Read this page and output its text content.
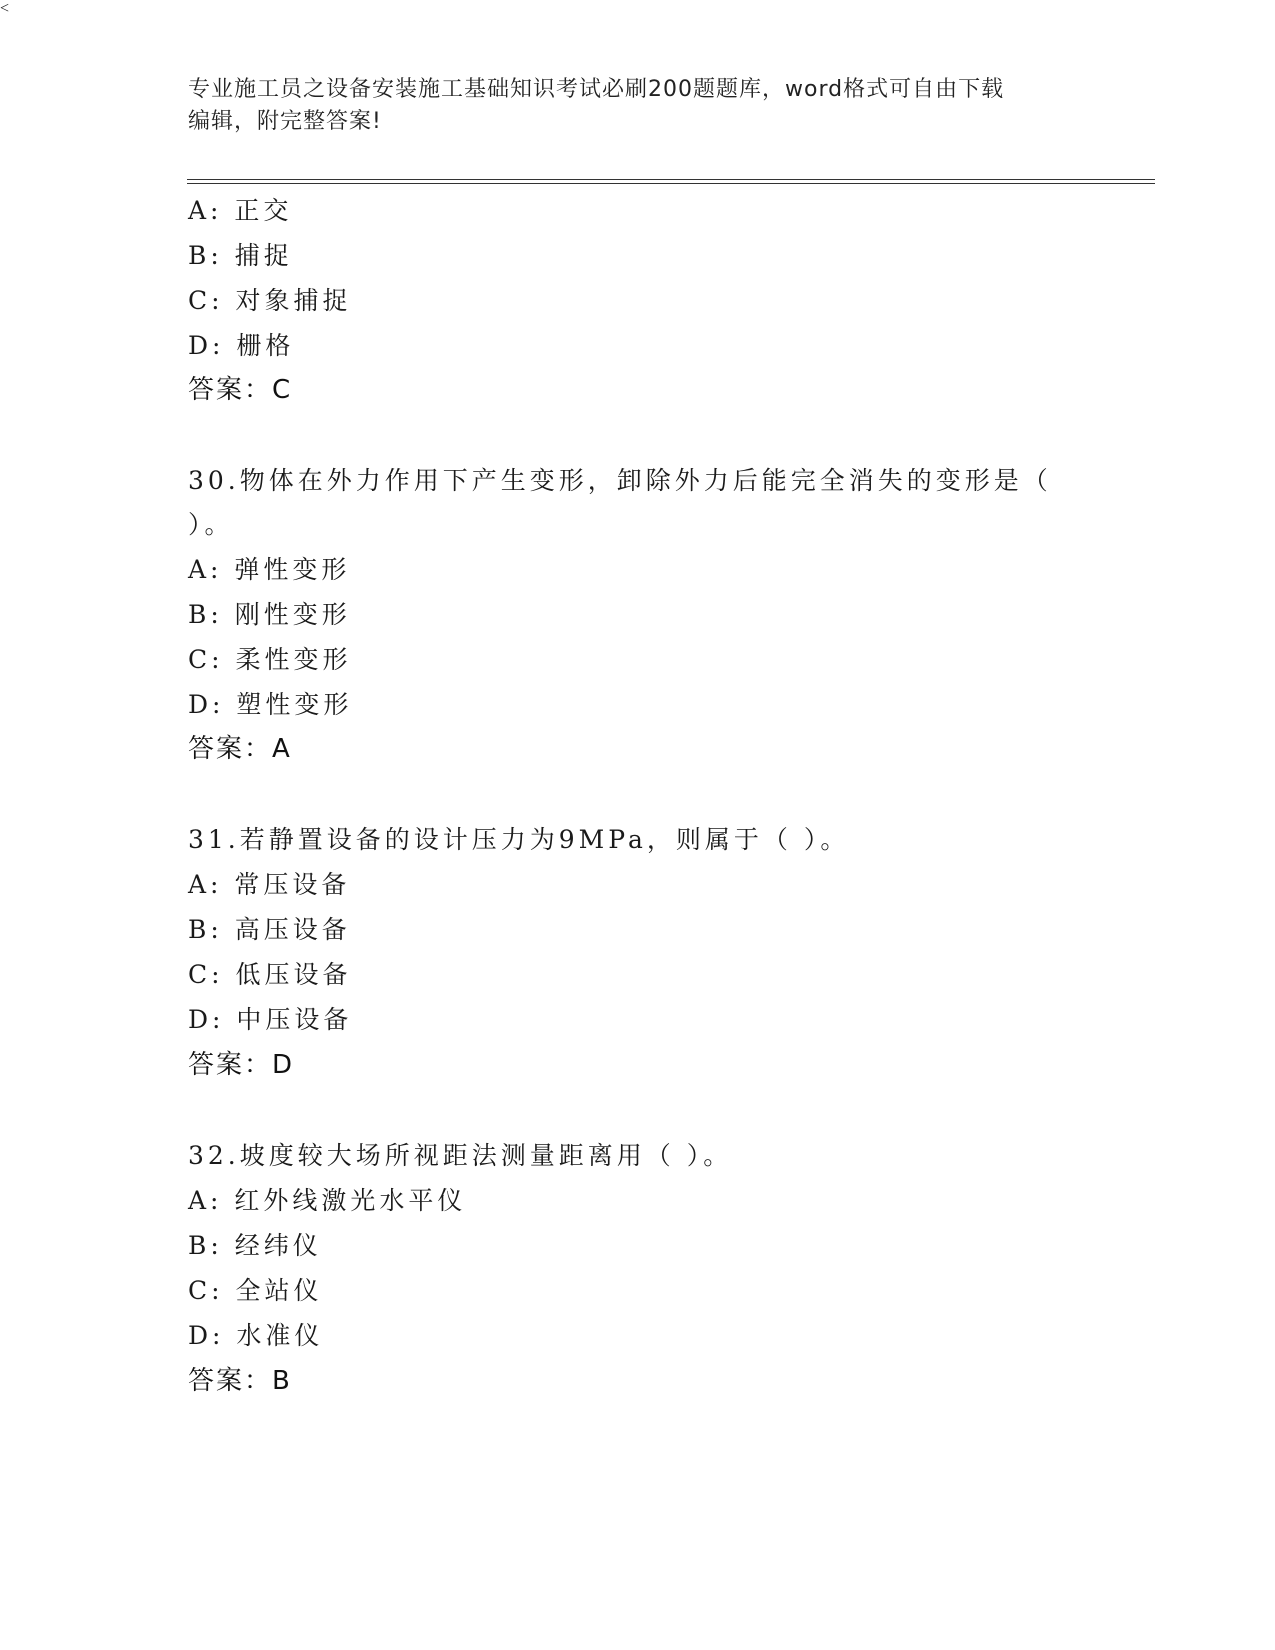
专业施工员之设备安装施工基础知识考试必刷200题题库，word格式可自由下载
编辑，附完整答案!
A: 正交
B: 捕捉
C: 对象捕捉
D: 栅格
答案：C
30.物体在外力作用下产生变形，卸除外力后能完全消失的变形是（
）。
A: 弹性变形
B: 刚性变形
C: 柔性变形
D: 塑性变形
答案：A
<
31.若静置设备的设计压力为9MPa，则属于（ ）。
A: 常压设备
B: 高压设备
C: 低压设备
D: 中压设备
答案：D
32.坡度较大场所视距法测量距离用（ ）。
A: 红外线激光水平仪
B: 经纬仪
C: 全站仪
D: 水准仪
答案：B
